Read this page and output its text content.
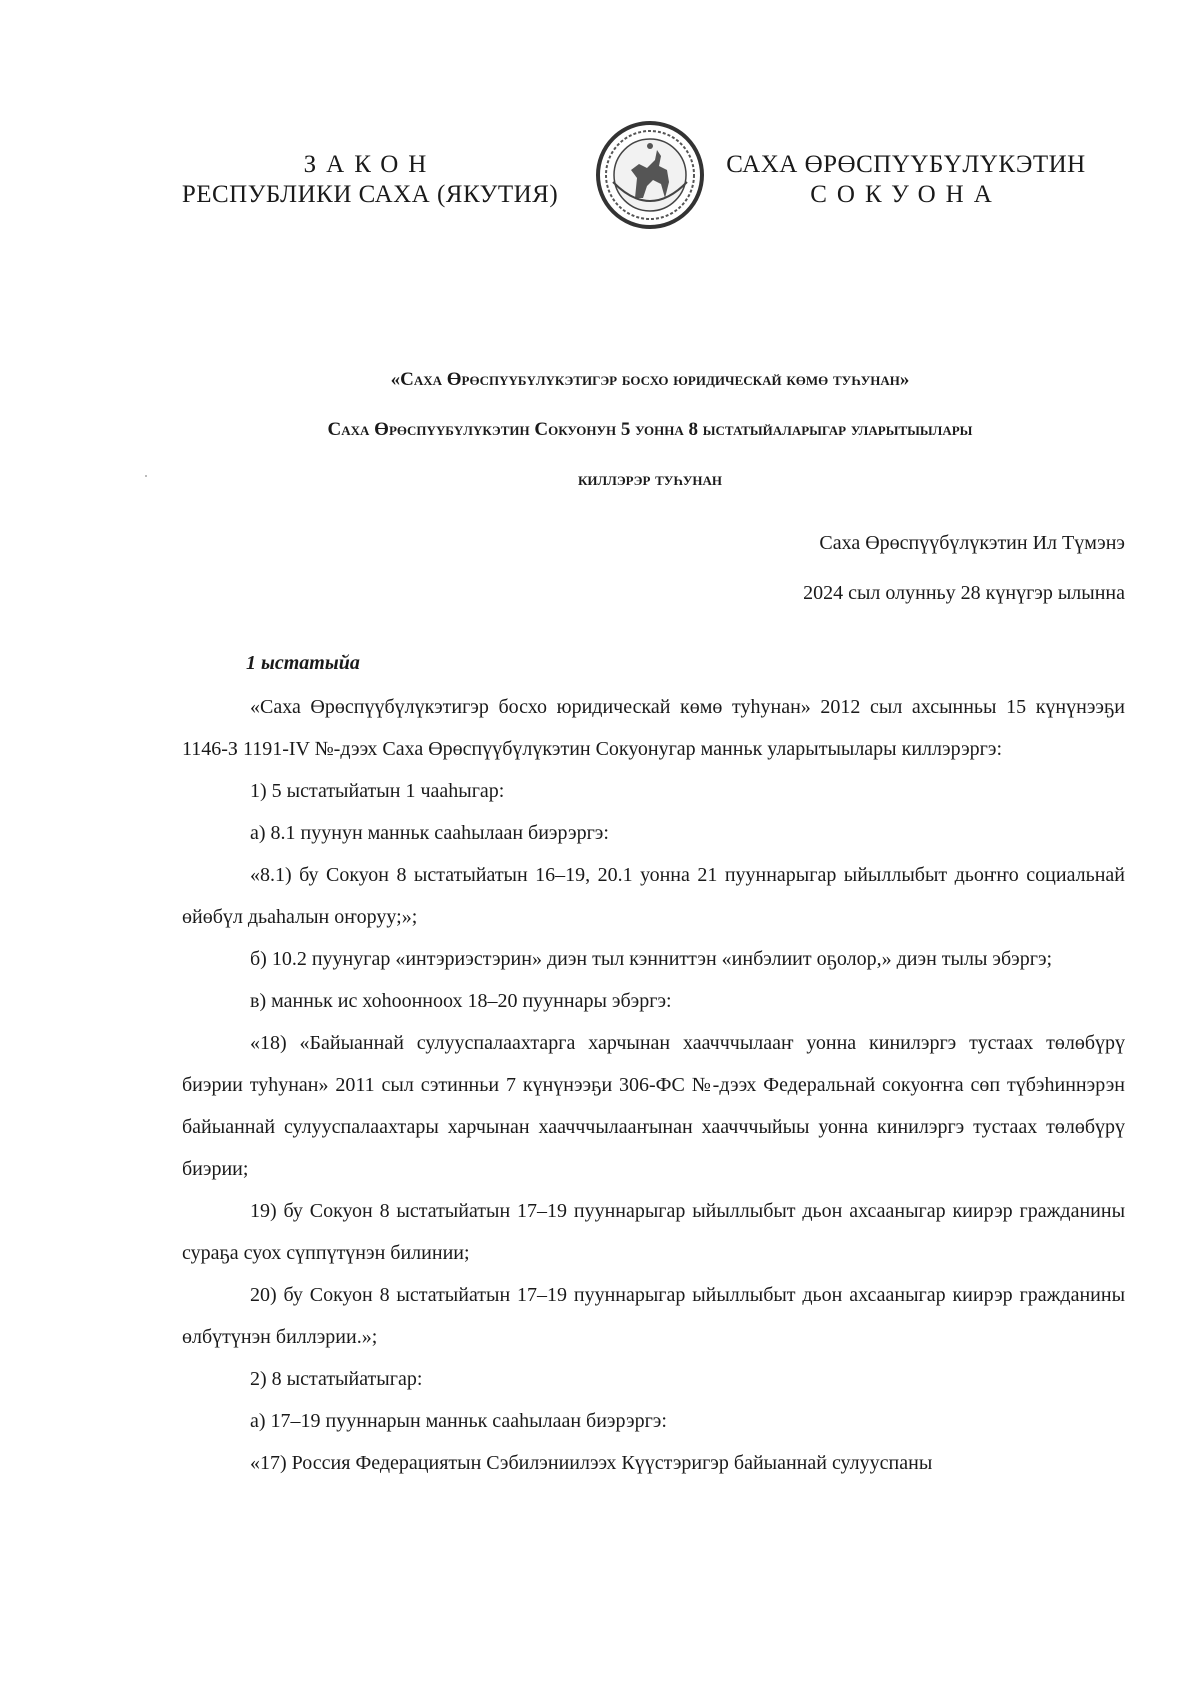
ЗАКОН
РЕСПУБЛИКИ САХА (ЯКУТИЯ)
САХА ӨРӨСПҮҮБҮЛҮКЭТИН
СОКУОНА
«Саха Өрөспүүбүлүкэтигэр босхо юридическай көмө туһунан»
Саха Өрөспүүбүлүкэтин Сокуонун 5 уонна 8 ыстатыйаларыгар уларытыылары
киллэрэр туһунан
Саха Өрөспүүбүлүкэтин Ил Түмэнэ
2024 сыл олунньу 28 күнүгэр ылынна
1 ыстатыйа

«Саха Өрөспүүбүлүкэтигэр босхо юридическай көмө туһунан» 2012 сыл ахсынньы 15 күнүнээҕи 1146-З 1191-IV №-дээх Саха Өрөспүүбүлүкэтин Сокуонугар манньк уларытыылары киллэрэргэ:

1) 5 ыстатыйатын 1 чааһыгар:

а) 8.1 пуунун манньк сааһылаан биэрэргэ:

«8.1) бу Сокуон 8 ыстатыйатын 16–19, 20.1 уонна 21 пууннарыгар ыйыллыбыт дьоҥҥо социальнай өйөбүл дьаһалын оҥоруу;»;

б) 10.2 пуунугар «интэриэстэрин» диэн тыл кэнниттэн «инбэлиит оҕолор,» диэн тылы эбэргэ;

в) манньк ис хоһоонноох 18–20 пууннары эбэргэ:

«18) «Байыаннай сулууспалаахтарга харчынан хаачччылааҥ уонна кинилэргэ тустаах төлөбүрү биэрии туһунан» 2011 сыл сэтинньи 7 күнүнээҕи 306-ФС №-дээх Федеральнай сокуоҥҥа сөп түбэһиннэрэн байыаннай сулууспалаахтары харчынан хаачччылааҥынан хаачччыйыы уонна кинилэргэ тустаах төлөбүрү биэрии;

19) бу Сокуон 8 ыстатыйатын 17–19 пууннарыгар ыйыллыбыт дьон ахсааныгар киирэр гражданины сураҕа суох сүппүтүнэн билинии;

20) бу Сокуон 8 ыстатыйатын 17–19 пууннарыгар ыйыллыбыт дьон ахсааныгар киирэр гражданины өлбүтүнэн биллэрии.»;

2) 8 ыстатыйатыгар:

а) 17–19 пууннарын манньк сааһылаан биэрэргэ:

«17) Россия Федерациятын Сэбилэниилээх Күүстэригэр байыаннай сулууспаны
